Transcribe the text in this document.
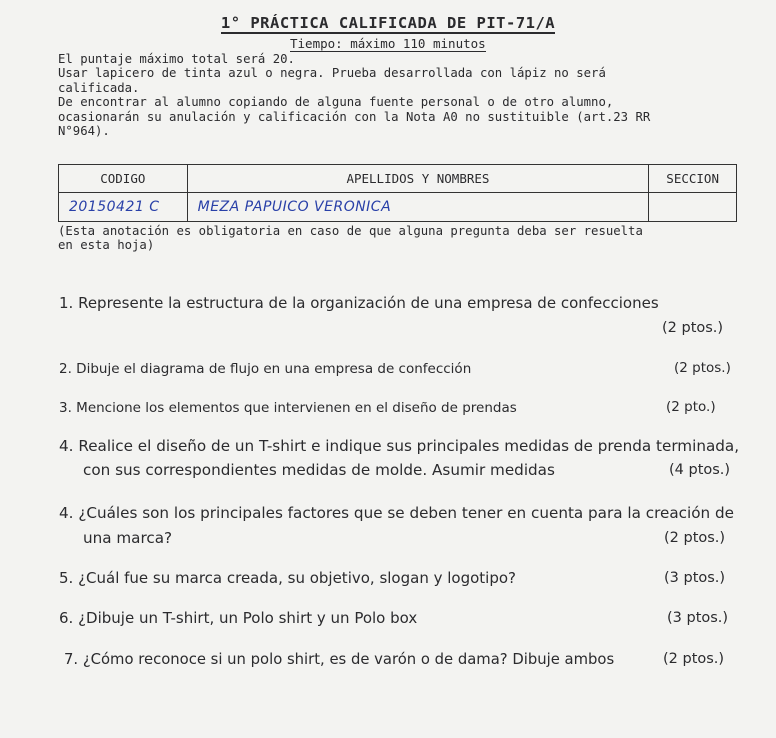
1° PRÁCTICA CALIFICADA DE PIT-71/A
Tiempo: máximo 110 minutos
El puntaje máximo total será 20.
Usar lapicero de tinta azul o negra. Prueba desarrollada con lápiz no será
calificada.
De encontrar al alumno copiando de alguna fuente personal o de otro alumno,
ocasionarán su anulación y calificación con la Nota A0 no sustituible (art.23 RR
N°964).
CODIGO	APELLIDOS Y NOMBRES	SECCION
20150421 C	MEZA PAPUICO VERONICA	
(Esta anotación es obligatoria en caso de que alguna pregunta deba ser resuelta
en esta hoja)
1. Represente la estructura de la organización de una empresa de confecciones
(2 ptos.)
2. Dibuje el diagrama de flujo en una empresa de confección	(2 ptos.)
3. Mencione los elementos que intervienen en el diseño de prendas	(2 pto.)
4. Realice el diseño de un T-shirt e indique sus principales medidas de prenda terminada,
con sus correspondientes medidas de molde. Asumir medidas	(4 ptos.)
4. ¿Cuáles son los principales factores que se deben tener en cuenta para la creación de
una marca?	(2 ptos.)
5. ¿Cuál fue su marca creada, su objetivo, slogan y logotipo?	(3 ptos.)
6. ¿Dibuje un T-shirt, un Polo shirt y un Polo box	(3 ptos.)
7. ¿Cómo reconoce si un polo shirt, es de varón o de dama? Dibuje ambos	(2 ptos.)
